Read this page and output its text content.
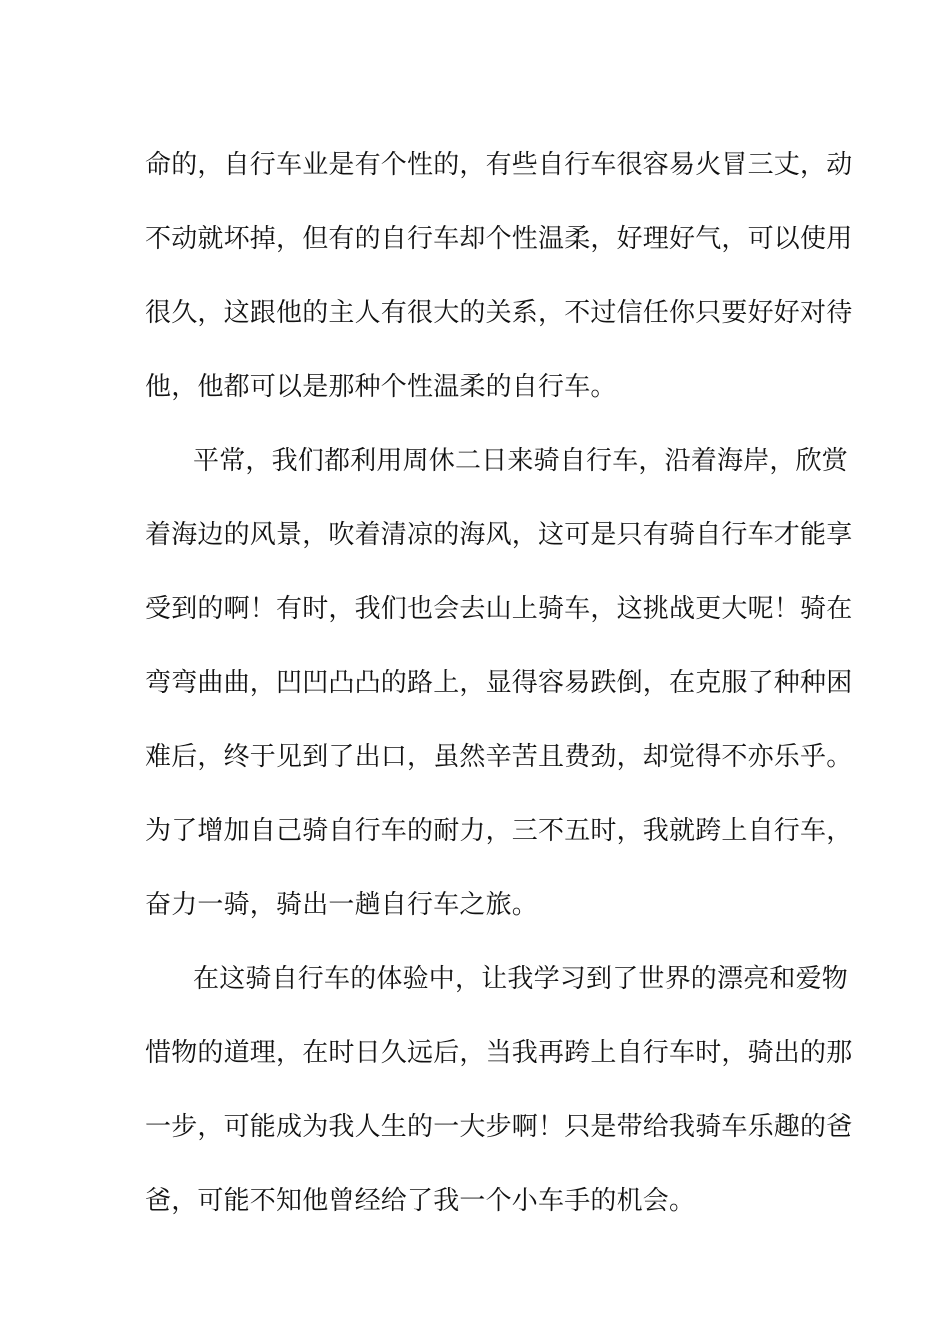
命的，自行车业是有个性的，有些自行车很容易火冒三丈，动
不动就坏掉，但有的自行车却个性温柔，好理好气，可以使用
很久，这跟他的主人有很大的关系，不过信任你只要好好对待
他，他都可以是那种个性温柔的自行车。
平常，我们都利用周休二日来骑自行车，沿着海岸，欣赏
着海边的风景，吹着清凉的海风，这可是只有骑自行车才能享
受到的啊！有时，我们也会去山上骑车，这挑战更大呢！骑在
弯弯曲曲，凹凹凸凸的路上，显得容易跌倒，在克服了种种困
难后，终于见到了出口，虽然辛苦且费劲，却觉得不亦乐乎。
为了增加自己骑自行车的耐力，三不五时，我就跨上自行车，
奋力一骑，骑出一趟自行车之旅。
在这骑自行车的体验中，让我学习到了世界的漂亮和爱物
惜物的道理，在时日久远后，当我再跨上自行车时，骑出的那
一步，可能成为我人生的一大步啊！只是带给我骑车乐趣的爸
爸，可能不知他曾经给了我一个小车手的机会。
